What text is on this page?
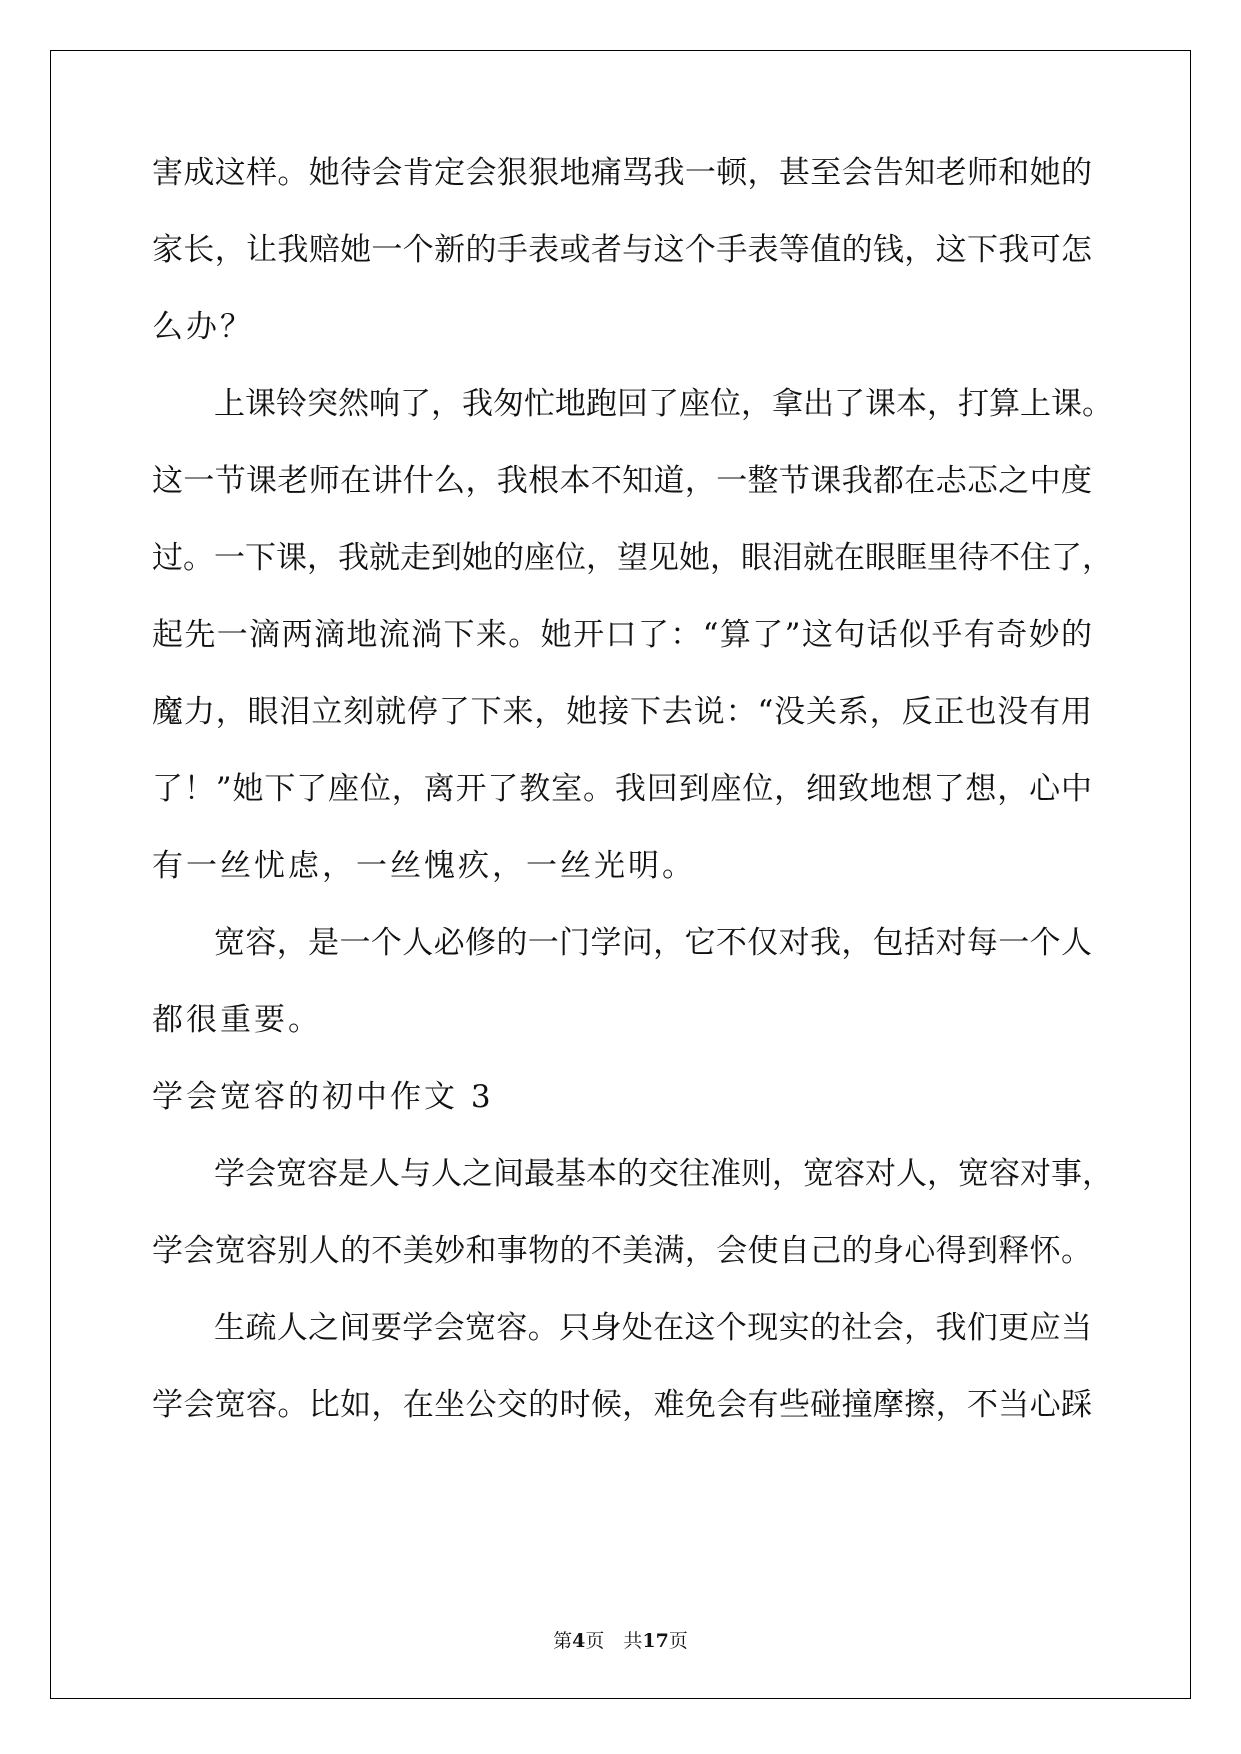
害成这样。她待会肯定会狠狠地痛骂我一顿，甚至会告知老师和她的
家长，让我赔她一个新的手表或者与这个手表等值的钱，这下我可怎
么办？
上课铃突然响了，我匆忙地跑回了座位，拿出了课本，打算上课。
这一节课老师在讲什么，我根本不知道，一整节课我都在忐忑之中度
过。一下课，我就走到她的座位，望见她，眼泪就在眼眶里待不住了，
起先一滴两滴地流淌下来。她开口了：“算了”这句话似乎有奇妙的
魔力，眼泪立刻就停了下来，她接下去说：“没关系，反正也没有用
了！”她下了座位，离开了教室。我回到座位，细致地想了想，心中
有一丝忧虑，一丝愧疚，一丝光明。
宽容，是一个人必修的一门学问，它不仅对我，包括对每一个人
都很重要。
学会宽容的初中作文 3
学会宽容是人与人之间最基本的交往准则，宽容对人，宽容对事，
学会宽容别人的不美妙和事物的不美满，会使自己的身心得到释怀。
生疏人之间要学会宽容。只身处在这个现实的社会，我们更应当
学会宽容。比如，在坐公交的时候，难免会有些碰撞摩擦，不当心踩
第4页　共17页
